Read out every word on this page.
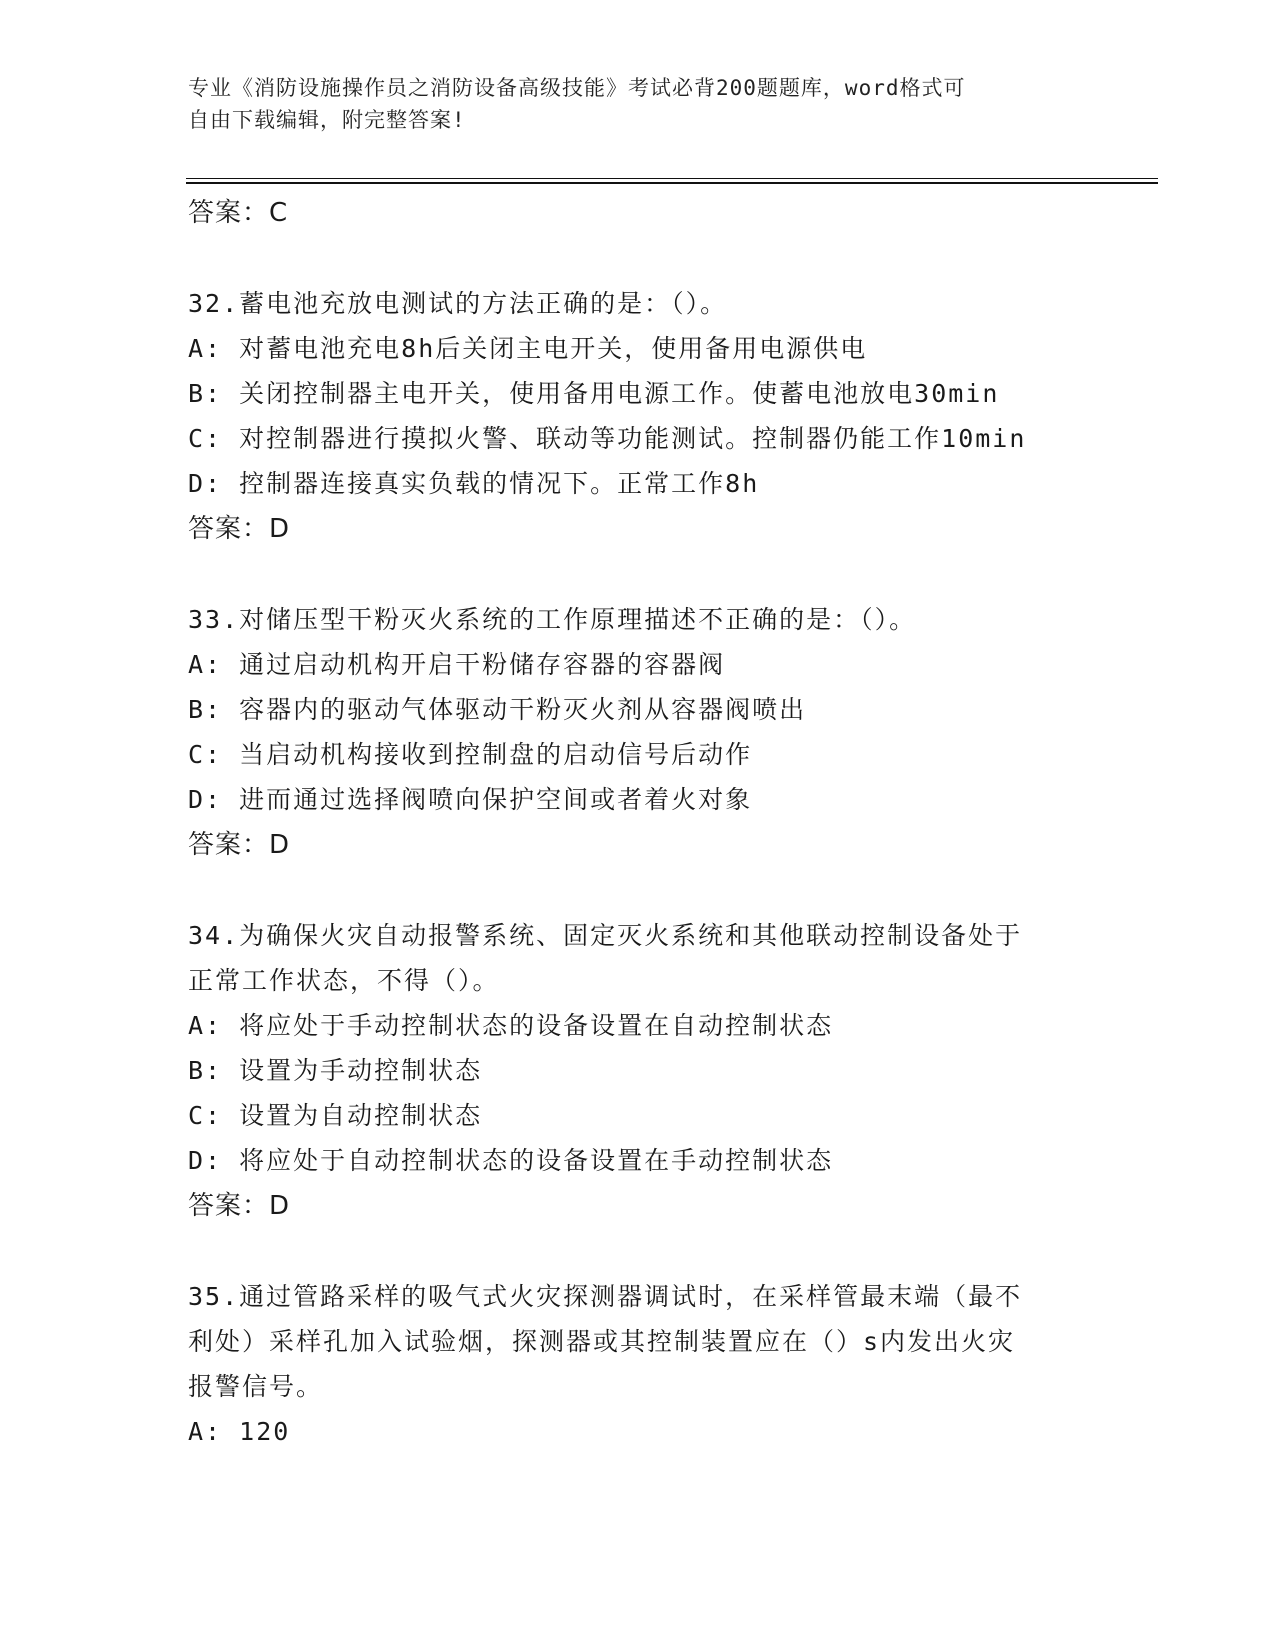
专业《消防设施操作员之消防设备高级技能》考试必背200题题库，word格式可
自由下载编辑，附完整答案!
答案：C
32.蓄电池充放电测试的方法正确的是：（）。
A: 对蓄电池充电8h后关闭主电开关，使用备用电源供电
B: 关闭控制器主电开关，使用备用电源工作。使蓄电池放电30min
C: 对控制器进行摸拟火警、联动等功能测试。控制器仍能工作10min
D: 控制器连接真实负载的情况下。正常工作8h
答案：D
33.对储压型干粉灭火系统的工作原理描述不正确的是：（）。
A: 通过启动机构开启干粉储存容器的容器阀
B: 容器内的驱动气体驱动干粉灭火剂从容器阀喷出
C: 当启动机构接收到控制盘的启动信号后动作
D: 进而通过选择阀喷向保护空间或者着火对象
答案：D
34.为确保火灾自动报警系统、固定灭火系统和其他联动控制设备处于
正常工作状态，不得（）。
A: 将应处于手动控制状态的设备设置在自动控制状态
B: 设置为手动控制状态
C: 设置为自动控制状态
D: 将应处于自动控制状态的设备设置在手动控制状态
答案：D
35.通过管路采样的吸气式火灾探测器调试时，在采样管最末端（最不
利处）采样孔加入试验烟，探测器或其控制装置应在（）s内发出火灾
报警信号。
A: 120
